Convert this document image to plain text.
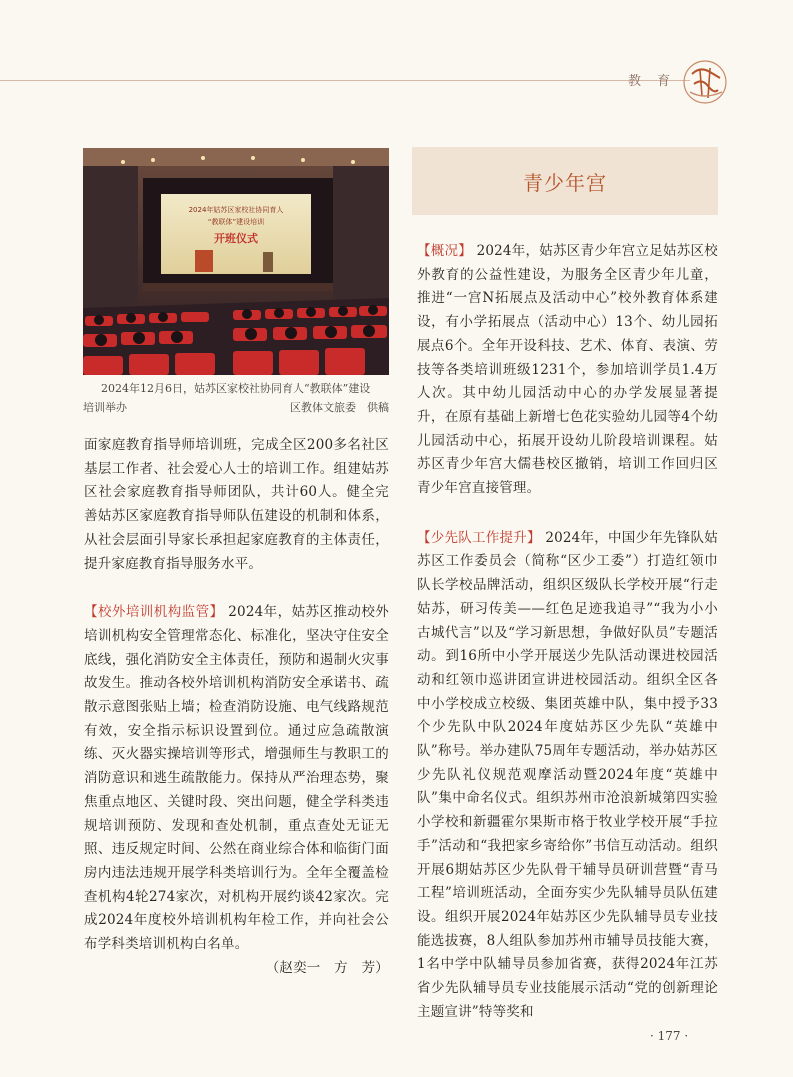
教 育
2024年姑苏区家校社协同育人
“教联体”建设培训
开班仪式
2024年12月6日，姑苏区家校社协同育人“教联体”建设
培训举办	区教体文旅委　供稿

面家庭教育指导师培训班，完成全区200多名社区基层工作者、社会爱心人士的培训工作。组建姑苏区社会家庭教育指导师团队，共计60人。健全完善姑苏区家庭教育指导师队伍建设的机制和体系，从社会层面引导家长承担起家庭教育的主体责任，提升家庭教育指导服务水平。

【校外培训机构监管】 2024年，姑苏区推动校外培训机构安全管理常态化、标准化，坚决守住安全底线，强化消防安全主体责任，预防和遏制火灾事故发生。推动各校外培训机构消防安全承诺书、疏散示意图张贴上墙；检查消防设施、电气线路规范有效，安全指示标识设置到位。通过应急疏散演练、灭火器实操培训等形式，增强师生与教职工的消防意识和逃生疏散能力。保持从严治理态势，聚焦重点地区、关键时段、突出问题，健全学科类违规培训预防、发现和查处机制，重点查处无证无照、违反规定时间、公然在商业综合体和临街门面房内违法违规开展学科类培训行为。全年全覆盖检查机构4轮274家次，对机构开展约谈42家次。完成2024年度校外培训机构年检工作，并向社会公布学科类培训机构白名单。

（赵奕一　方　芳）
青少年宫

【概况】 2024年，姑苏区青少年宫立足姑苏区校外教育的公益性建设，为服务全区青少年儿童，推进“一宫N拓展点及活动中心”校外教育体系建设，有小学拓展点（活动中心）13个、幼儿园拓展点6个。全年开设科技、艺术、体育、表演、劳技等各类培训班级1231个，参加培训学员1.4万人次。其中幼儿园活动中心的办学发展显著提升，在原有基础上新增七色花实验幼儿园等4个幼儿园活动中心，拓展开设幼儿阶段培训课程。姑苏区青少年宫大儒巷校区撤销，培训工作回归区青少年宫直接管理。

【少先队工作提升】 2024年，中国少年先锋队姑苏区工作委员会（简称“区少工委”）打造红领巾队长学校品牌活动，组织区级队长学校开展“行走姑苏，研习传美——红色足迹我追寻”“我为小小古城代言”以及“学习新思想，争做好队员”专题活动。到16所中小学开展送少先队活动课进校园活动和红领巾巡讲团宣讲进校园活动。组织全区各中小学校成立校级、集团英雄中队，集中授予33个少先队中队2024年度姑苏区少先队“英雄中队”称号。举办建队75周年专题活动，举办姑苏区少先队礼仪规范观摩活动暨2024年度“英雄中队”集中命名仪式。组织苏州市沧浪新城第四实验小学校和新疆霍尔果斯市格于牧业学校开展“手拉手”活动和“我把家乡寄给你”书信互动活动。组织开展6期姑苏区少先队骨干辅导员研训营暨“青马工程”培训班活动，全面夯实少先队辅导员队伍建设。组织开展2024年姑苏区少先队辅导员专业技能选拔赛，8人组队参加苏州市辅导员技能大赛，1名中学中队辅导员参加省赛，获得2024年江苏省少先队辅导员专业技能展示活动“党的创新理论主题宣讲”特等奖和

· 177 ·
